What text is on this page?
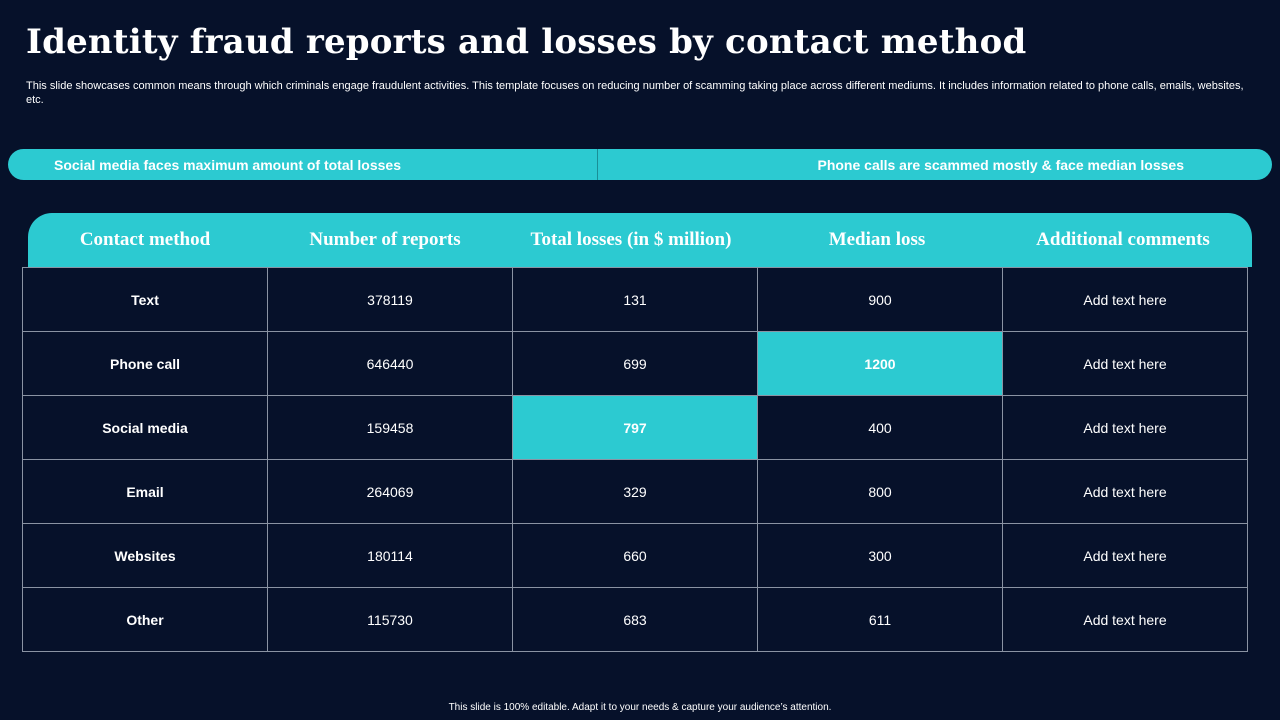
Identity fraud reports and losses by contact method
This slide showcases common means through which criminals engage fraudulent activities. This template focuses on reducing number of scamming taking place across different mediums. It includes information related to phone calls, emails, websites, etc.
Social media faces maximum amount of total losses	Phone calls are scammed mostly & face median losses
Contact method	Number of reports	Total losses (in $ million)	Median loss	Additional comments
Text	378119	131	900	Add text here
Phone call	646440	699	1200	Add text here
Social media	159458	797	400	Add text here
Email	264069	329	800	Add text here
Websites	180114	660	300	Add text here
Other	115730	683	611	Add text here
This slide is 100% editable. Adapt it to your needs & capture your audience’s attention.
